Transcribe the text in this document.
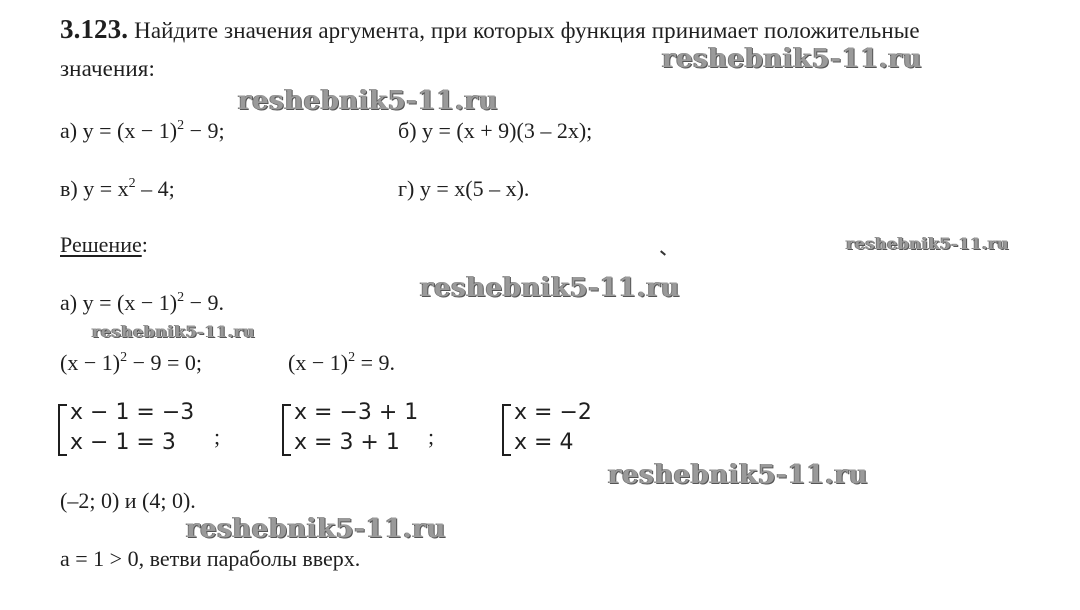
3.123. Найдите значения аргумента, при которых функция принимает положительные
значения:	reshebnik5-11.ru
reshebnik5-11.ru
а) $y = (x - 1)^2 - 9$;	б) y = (x + 9)(3 – 2x);
в) $y = x^2 - 4$;	г) y = x(5 – x).
Решение:	reshebnik5-11.ru
reshebnik5-11.ru
а) $y = (x - 1)^2 - 9$.
reshebnik5-11.ru
$(x - 1)^2 - 9 = 0$;	$(x - 1)^2 = 9$.
x − 1 = −3
x − 1 = 3	;
x = −3 + 1
x = 3 + 1	;
x = −2
x = 4
reshebnik5-11.ru
(–2; 0) и (4; 0).
reshebnik5-11.ru
a = 1 > 0, ветви параболы вверх.
